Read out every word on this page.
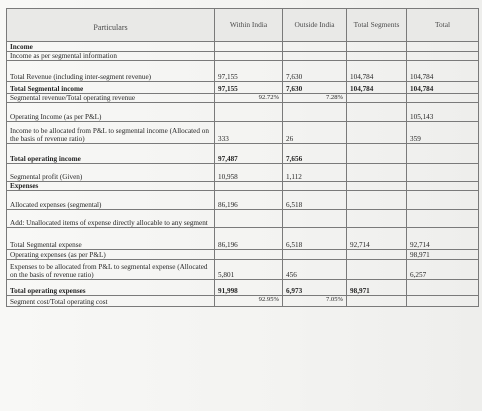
Particulars	Within India	Outside India	Total Segments	Total
Income				
Income as per segmental information				
Total Revenue (including inter-segment revenue)	97,155	7,630	104,784	104,784
Total Segmental income	97,155	7,630	104,784	104,784
Segmental revenue/Total operating revenue	92.72%	7.28%		

Operating Income (as per P&L)				105,143
Income to be allocated from P&L to segmental income (Allocated on the basis of revenue ratio)	333	26		359
Total operating income	97,487	7,656		
Segmental profit (Given)	10,958	1,112		
Expenses				
Allocated expenses (segmental)	86,196	6,518		
Add: Unallocated items of expense directly allocable to any segment				
Total Segmental expense	86,196	6,518	92,714	92,714
Operating expenses (as per P&L)				98,971
Expenses to be allocated from P&L to segmental expense (Allocated on the basis of revenue ratio)	5,801	456		6,257
Total operating expenses	91,998	6,973	98,971	
Segment cost/Total operating cost	92.95%	7.05%		
